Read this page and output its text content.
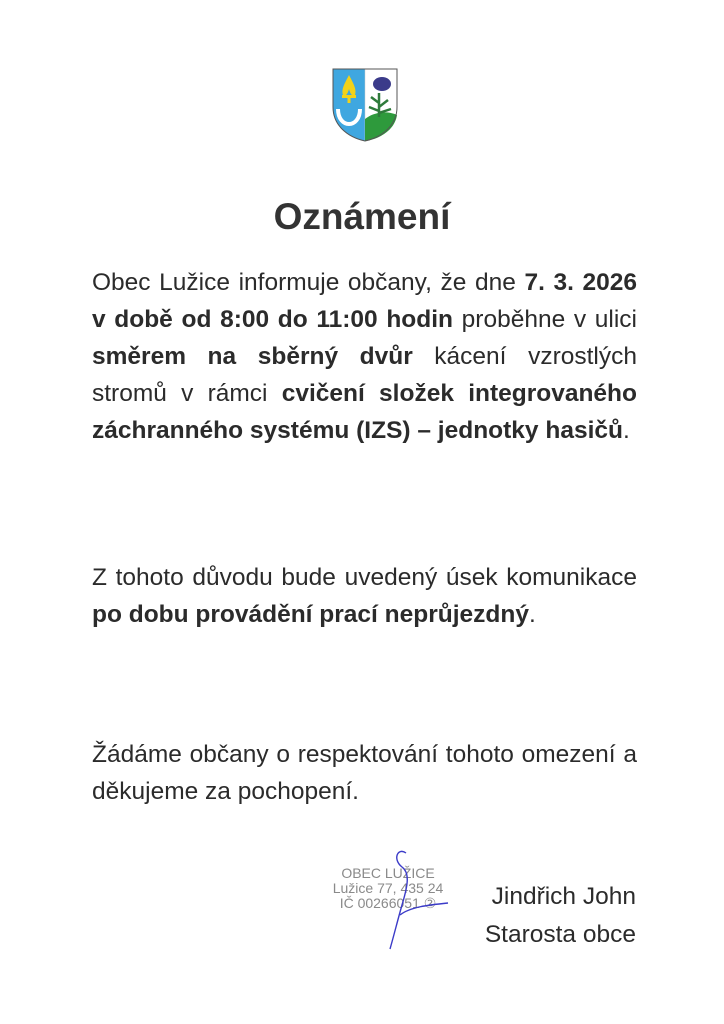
Oznámení

Obec Lužice informuje občany, že dne 7. 3. 2026 v době od 8:00 do 11:00 hodin proběhne v ulici směrem na sběrný dvůr kácení vzrostlých stromů v rámci cvičení složek integrovaného záchranného systému (IZS) – jednotky hasičů.

Z tohoto důvodu bude uvedený úsek komunikace po dobu provádění prací neprůjezdný.

Žádáme občany o respektování tohoto omezení a děkujeme za pochopení.

OBEC LUŽICE
Lužice 77, 435 24
IČ 00266051 ②	Jindřich John
Starosta obce
